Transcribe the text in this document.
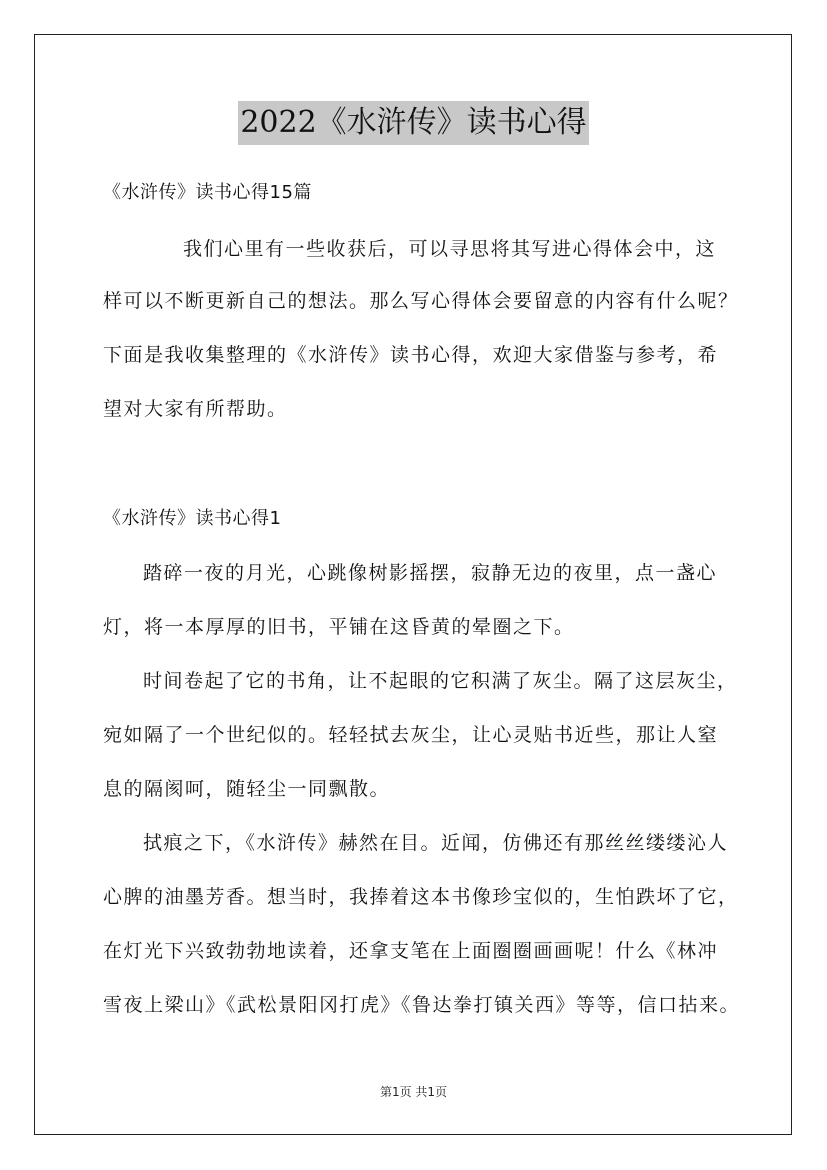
2022《水浒传》读书心得
《水浒传》读书心得15篇
我们心里有一些收获后，可以寻思将其写进心得体会中，这
样可以不断更新自己的想法。那么写心得体会要留意的内容有什么呢？
下面是我收集整理的《水浒传》读书心得，欢迎大家借鉴与参考，希
望对大家有所帮助。
《水浒传》读书心得1
踏碎一夜的月光，心跳像树影摇摆，寂静无边的夜里，点一盏心
灯，将一本厚厚的旧书，平铺在这昏黄的晕圈之下。
时间卷起了它的书角，让不起眼的它积满了灰尘。隔了这层灰尘，
宛如隔了一个世纪似的。轻轻拭去灰尘，让心灵贴书近些，那让人窒
息的隔阂呵，随轻尘一同飘散。
拭痕之下，《水浒传》赫然在目。近闻，仿佛还有那丝丝缕缕沁人
心脾的油墨芳香。想当时，我捧着这本书像珍宝似的，生怕跌坏了它，
在灯光下兴致勃勃地读着，还拿支笔在上面圈圈画画呢！什么《林冲
雪夜上梁山》《武松景阳冈打虎》《鲁达拳打镇关西》等等，信口拈来。
第1页 共1页
